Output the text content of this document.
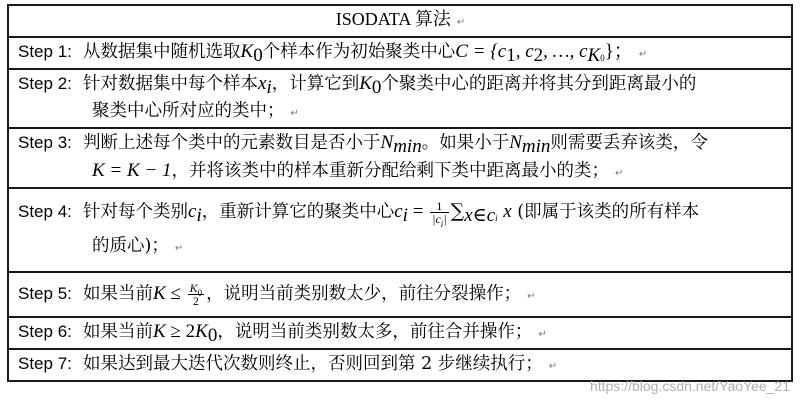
ISODATA 算法 ↵
Step 1: 从数据集中随机选取$K_0$个样本作为初始聚类中心$C = \{c_1$, $c_2$, …, $c_{K0}$}； ↵
Step 2: 针对数据集中每个样本$x_i$，计算它到$K_0$个聚类中心的距离并将其分到距离最小的
聚类中心所对应的类中； ↵
Step 3: 判断上述每个类中的元素数目是否小于$N_{min}$。如果小于$N_{min}$则需要丢弃该类，令
K = K − 1，并将该类中的样本重新分配给剩下类中距离最小的类； ↵

Step 4: 针对每个类别$c_i$，重新计算它的聚类中心$c_i = \frac{1}{|c_i|} \sum_{x\in ci}$ x (即属于该类的所有样本
的质心)； ↵

Step 5: 如果当前$K \le \frac{K_0}{2}$ ，说明当前类别数太少，前往分裂操作； ↵
Step 6: 如果当前$K \ge 2K_0$，说明当前类别数太多，前往合并操作； ↵
Step 7: 如果达到最大迭代次数则终止，否则回到第 2 步继续执行； ↵
https://blog.csdn.net/YaoYee_21
